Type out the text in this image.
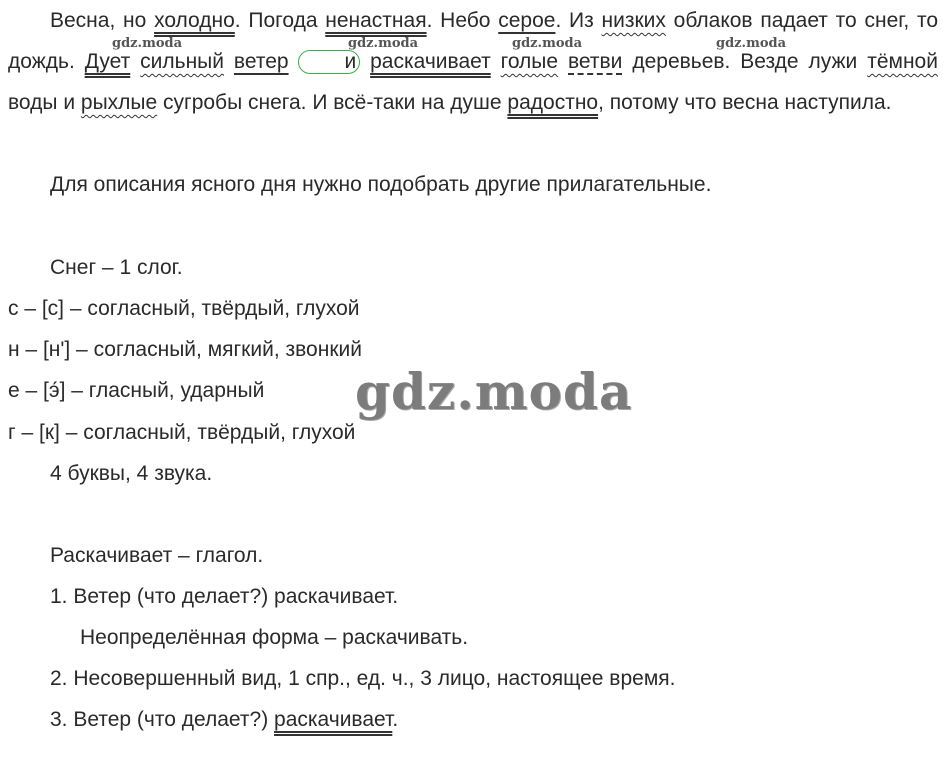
Весна, но холодно. Погода ненастная. Небо серое. Из низких облаков падает то снег, то дождь. Дует сильный ветер	и раскачивает голые ветви деревьев. Везде лужи тёмной воды и рыхлые сугробы снега. И всё-таки на душе радостно, потому что весна наступила.

Для описания ясного дня нужно подобрать другие прилагательные.
Снег – 1 слог.
с – [с] – согласный, твёрдый, глухой
н – [н'] – согласный, мягкий, звонкий
е – [э́] – гласный, ударный
г – [к] – согласный, твёрдый, глухой
4 буквы, 4 звука.
Раскачивает – глагол.
1. Ветер (что делает?) раскачивает.
Неопределённая форма – раскачивать.
2. Несовершенный вид, 1 спр., ед. ч., 3 лицо, настоящее время.
3. Ветер (что делает?) раскачивает.
gdz.moda	gdz.moda	gdz.moda	gdz.moda
gdz.moda
